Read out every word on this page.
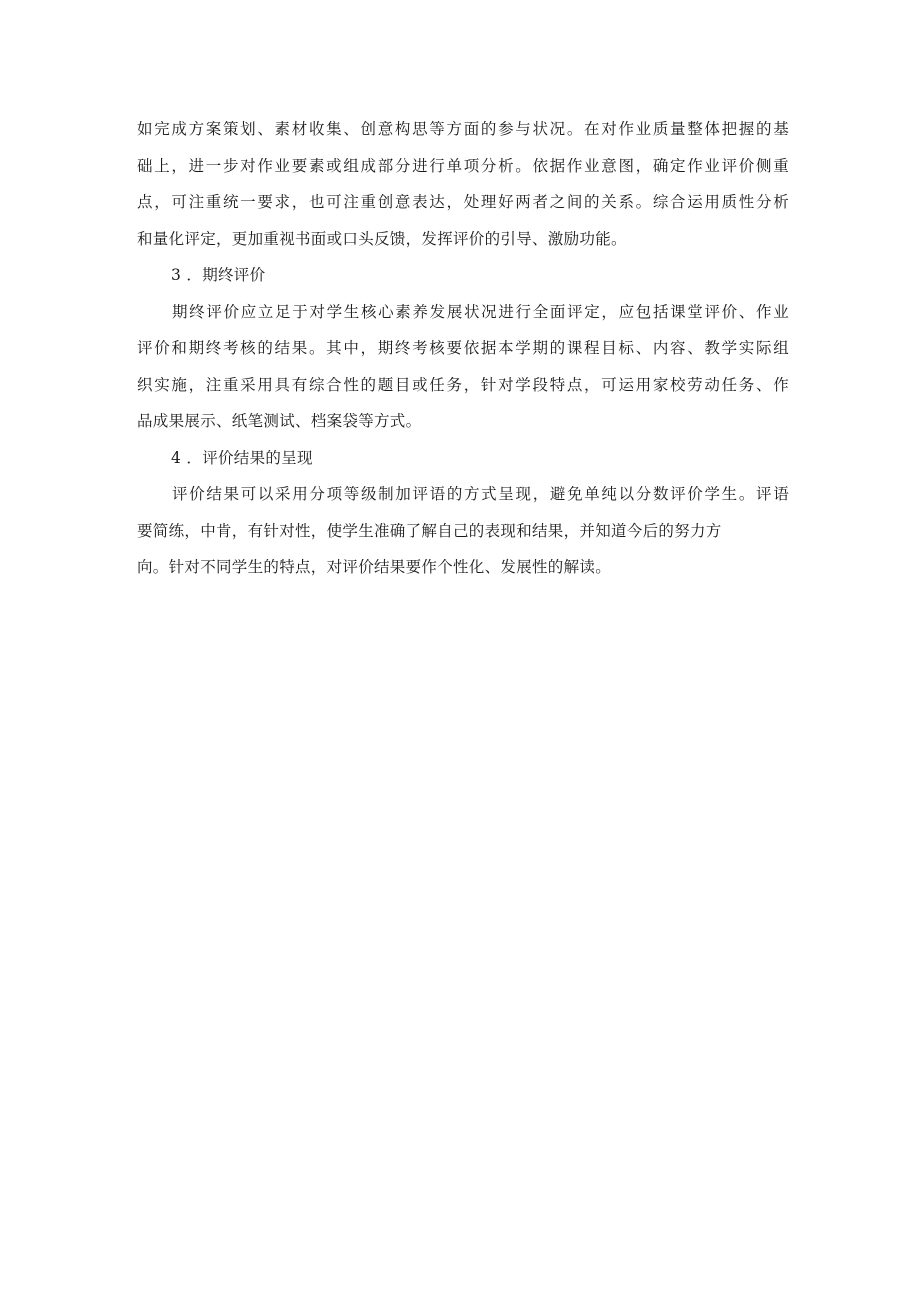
如完成方案策划、素材收集、创意构思等方面的参与状况。在对作业质量整体把握的基
础上，进一步对作业要素或组成部分进行单项分析。依据作业意图，确定作业评价侧重
点，可注重统一要求，也可注重创意表达，处理好两者之间的关系。综合运用质性分析
和量化评定，更加重视书面或口头反馈，发挥评价的引导、激励功能。
3 ．期终评价
期终评价应立足于对学生核心素养发展状况进行全面评定，应包括课堂评价、作业
评价和期终考核的结果。其中，期终考核要依据本学期的课程目标、内容、教学实际组
织实施，注重采用具有综合性的题目或任务，针对学段特点，可运用家校劳动任务、作
品成果展示、纸笔测试、档案袋等方式。
4 ．评价结果的呈现
评价结果可以采用分项等级制加评语的方式呈现，避免单纯以分数评价学生。评语
要简练，中肯，有针对性，使学生准确了解自己的表现和结果，并知道今后的努力方
向。针对不同学生的特点，对评价结果要作个性化、发展性的解读。
